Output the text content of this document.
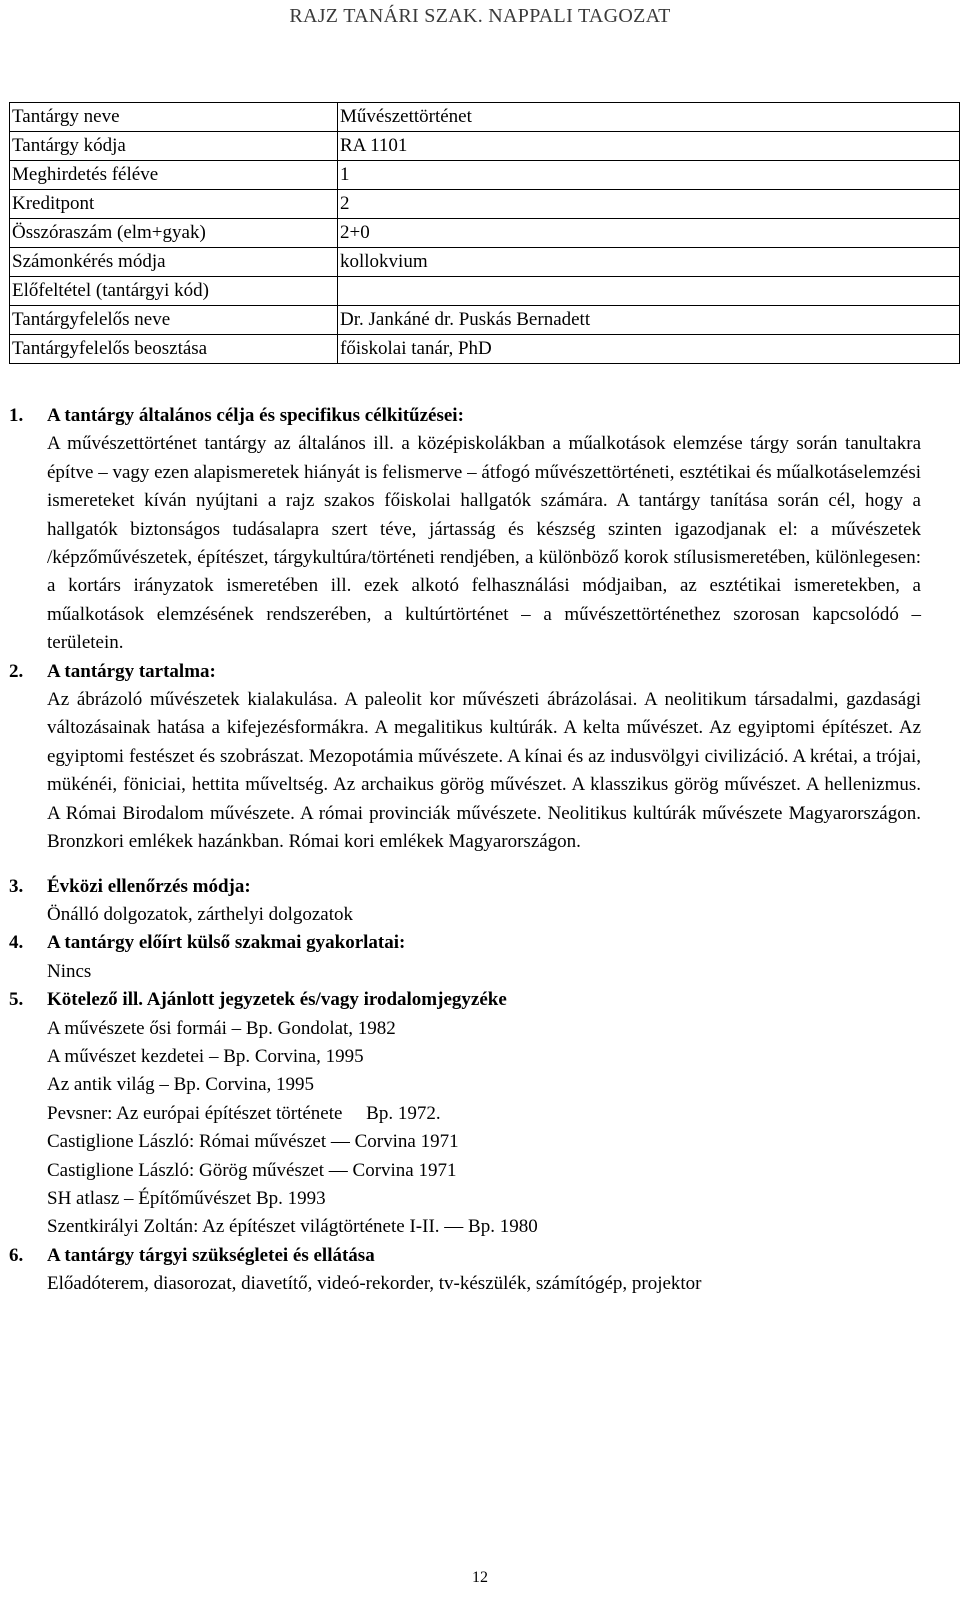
RAJZ TANÁRI SZAK. NAPPALI TAGOZAT
Tantárgy neve	Művészettörténet
Tantárgy kódja	RA 1101
Meghirdetés féléve	1
Kreditpont	2
Összóraszám (elm+gyak)	2+0
Számonkérés módja	kollokvium
Előfeltétel (tantárgyi kód)	
Tantárgyfelelős neve	Dr. Jankáné dr. Puskás Bernadett
Tantárgyfelelős beosztása	főiskolai tanár, PhD
1. A tantárgy általános célja és specifikus célkitűzései:
A művészettörténet tantárgy az általános ill. a középiskolákban a műalkotások elemzése tárgy során tanultakra építve – vagy ezen alapismeretek hiányát is felismerve – átfogó művészettörténeti, esztétikai és műalkotáselemzési ismereteket kíván nyújtani a rajz szakos főiskolai hallgatók számára. A tantárgy tanítása során cél, hogy a hallgatók biztonságos tudásalapra szert téve, jártasság és készség szinten igazodjanak el: a művészetek /képzőművészetek, építészet, tárgykultúra/történeti rendjében, a különböző korok stílusismeretében, különlegesen: a kortárs irányzatok ismeretében ill. ezek alkotó felhasználási módjaiban, az esztétikai ismeretekben, a műalkotások elemzésének rendszerében, a kultúrtörténet – a művészettörténethez szorosan kapcsolódó – területein.
2. A tantárgy tartalma:
Az ábrázoló művészetek kialakulása. A paleolit kor művészeti ábrázolásai. A neolitikum társadalmi, gazdasági változásainak hatása a kifejezésformákra. A megalitikus kultúrák. A kelta művészet. Az egyiptomi építészet. Az egyiptomi festészet és szobrászat. Mezopotámia művészete. A kínai és az indusvölgyi civilizáció. A krétai, a trójai, mükénéi, föniciai, hettita műveltség. Az archaikus görög művészet. A klasszikus görög művészet. A hellenizmus. A Római Birodalom művészete. A római provinciák művészete. Neolitikus kultúrák művészete Magyarországon. Bronzkori emlékek hazánkban. Római kori emlékek Magyarországon.
3. Évközi ellenőrzés módja:
Önálló dolgozatok, zárthelyi dolgozatok
4. A tantárgy előírt külső szakmai gyakorlatai:
Nincs
5. Kötelező ill. Ajánlott jegyzetek és/vagy irodalomjegyzéke
A művészete ősi formái – Bp. Gondolat, 1982
A művészet kezdetei – Bp. Corvina, 1995
Az antik világ – Bp. Corvina, 1995
Pevsner: Az európai építészet története     Bp. 1972.
Castiglione László: Római művészet — Corvina 1971
Castiglione László: Görög művészet — Corvina 1971
SH atlasz – Építőművészet Bp. 1993
Szentkirályi Zoltán: Az építészet világtörténete I-II. — Bp. 1980
6. A tantárgy tárgyi szükségletei és ellátása
Előadóterem, diasorozat, diavetítő, videó-rekorder, tv-készülék, számítógép, projektor
12
